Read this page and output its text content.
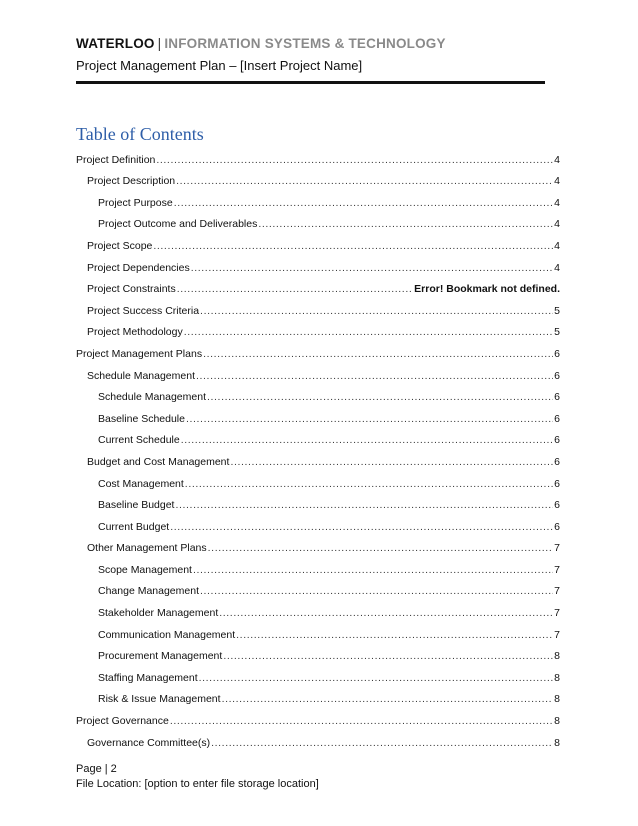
WATERLOO | INFORMATION SYSTEMS & TECHNOLOGY
Project Management Plan – [Insert Project Name]
Table of Contents
Project Definition .....	4
Project Description .....	4
Project Purpose .....	4
Project Outcome and Deliverables .....	4
Project Scope .....	4
Project Dependencies .....	4
Project Constraints .....	Error! Bookmark not defined.
Project Success Criteria .....	5
Project Methodology .....	5
Project Management Plans .....	6
Schedule Management .....	6
Schedule Management .....	6
Baseline Schedule .....	6
Current Schedule .....	6
Budget and Cost Management .....	6
Cost Management .....	6
Baseline Budget .....	6
Current Budget .....	6
Other Management Plans .....	7
Scope Management .....	7
Change Management .....	7
Stakeholder Management .....	7
Communication Management .....	7
Procurement Management .....	8
Staffing Management .....	8
Risk & Issue Management .....	8
Project Governance .....	8
Governance Committee(s) .....	8
Page | 2
File Location: [option to enter file storage location]
